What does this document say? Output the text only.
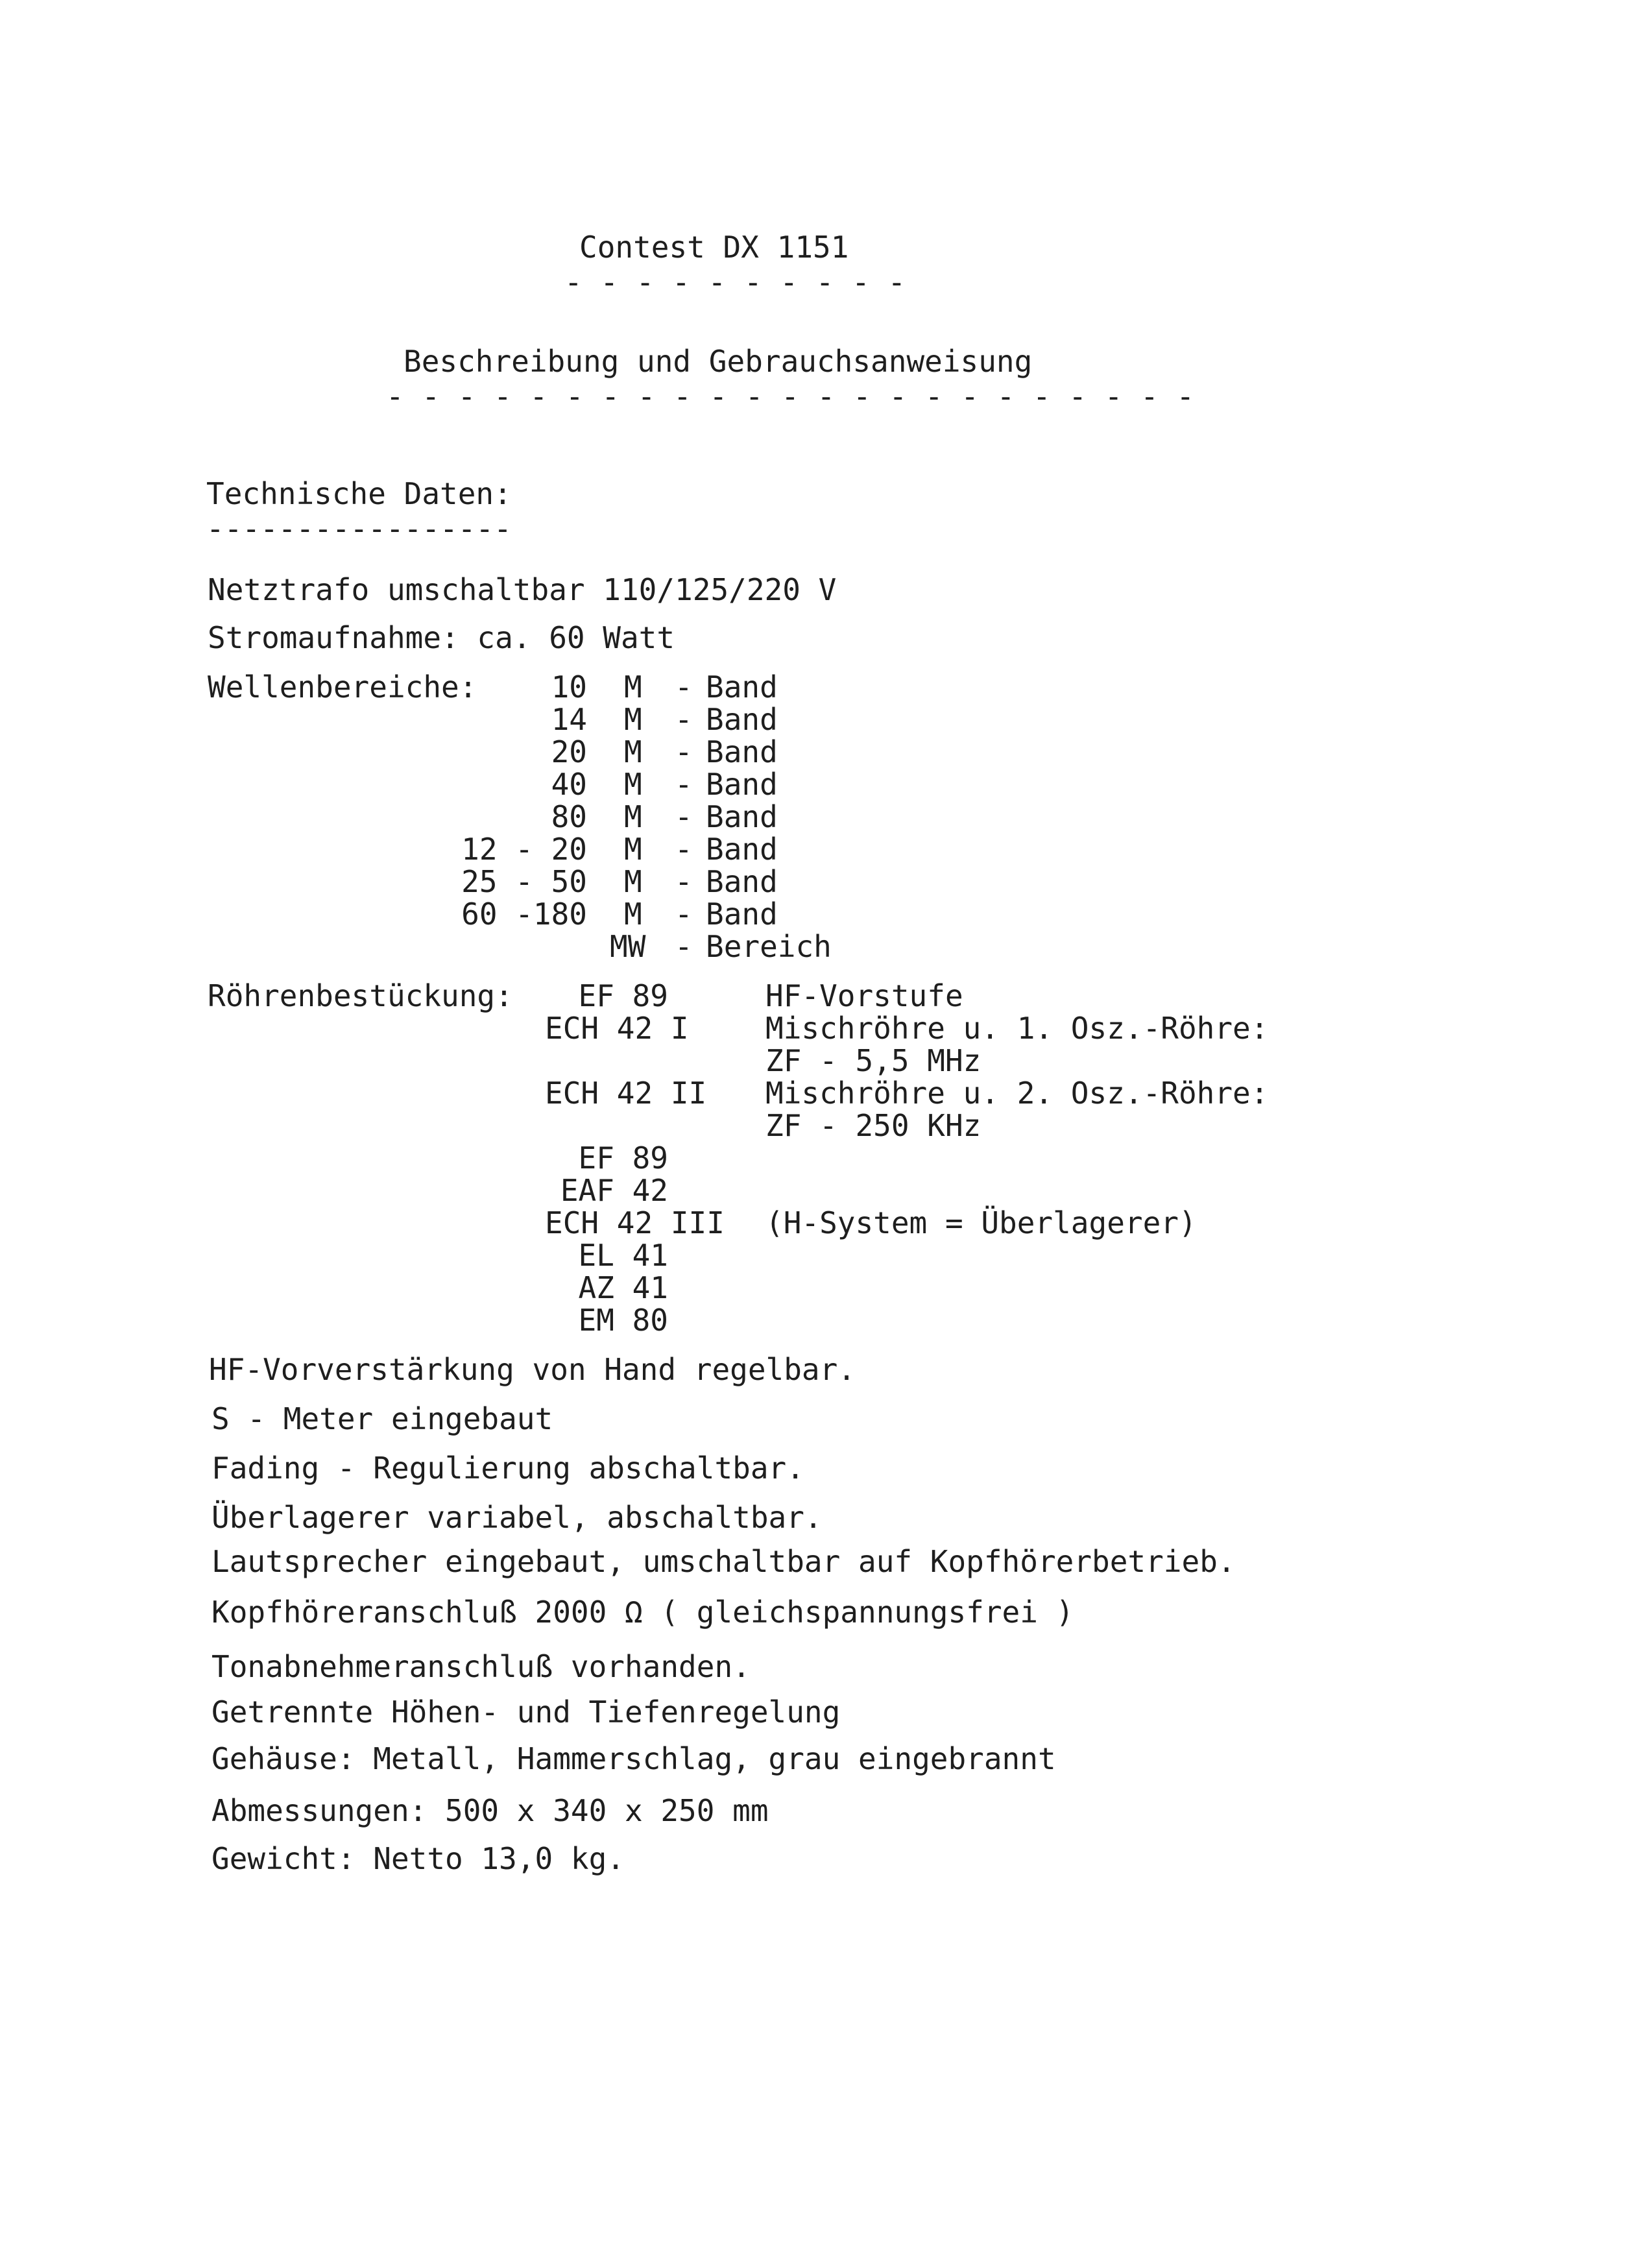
Contest DX 1151
- - - - - - - - - -
Beschreibung und Gebrauchsanweisung
- - - - - - - - - - - - - - - - - - - - - - -
Technische Daten:
-----------------
Netztrafo umschaltbar 110/125/220 V
Stromaufnahme: ca. 60 Watt
Wellenbereiche:	10 M - Band
14 M - Band
20 M - Band
40 M - Band
80 M - Band
12 - 20 M - Band
25 - 50 M - Band
60 -180 M - Band
MW - Bereich
Röhrenbestückung:	EF 89	HF-Vorstufe
ECH 42 I	Mischröhre u. 1. Osz.-Röhre:
ZF - 5,5 MHz
ECH 42 II Mischröhre u. 2. Osz.-Röhre:
ZF - 250 KHz
EF 89
EAF 42
ECH 42 III (H-System = Überlagerer)
EL 41
AZ 41
EM 80
HF-Vorverstärkung von Hand regelbar.
S - Meter eingebaut
Fading - Regulierung abschaltbar.
Überlagerer variabel, abschaltbar.
Lautsprecher eingebaut, umschaltbar auf Kopfhörerbetrieb.
Kopfhöreranschluß 2000 Ω ( gleichspannungsfrei )
Tonabnehmeranschluß vorhanden.
Getrennte Höhen- und Tiefenregelung
Gehäuse: Metall, Hammerschlag, grau eingebrannt
Abmessungen: 500 x 340 x 250 mm
Gewicht: Netto 13,0 kg.
